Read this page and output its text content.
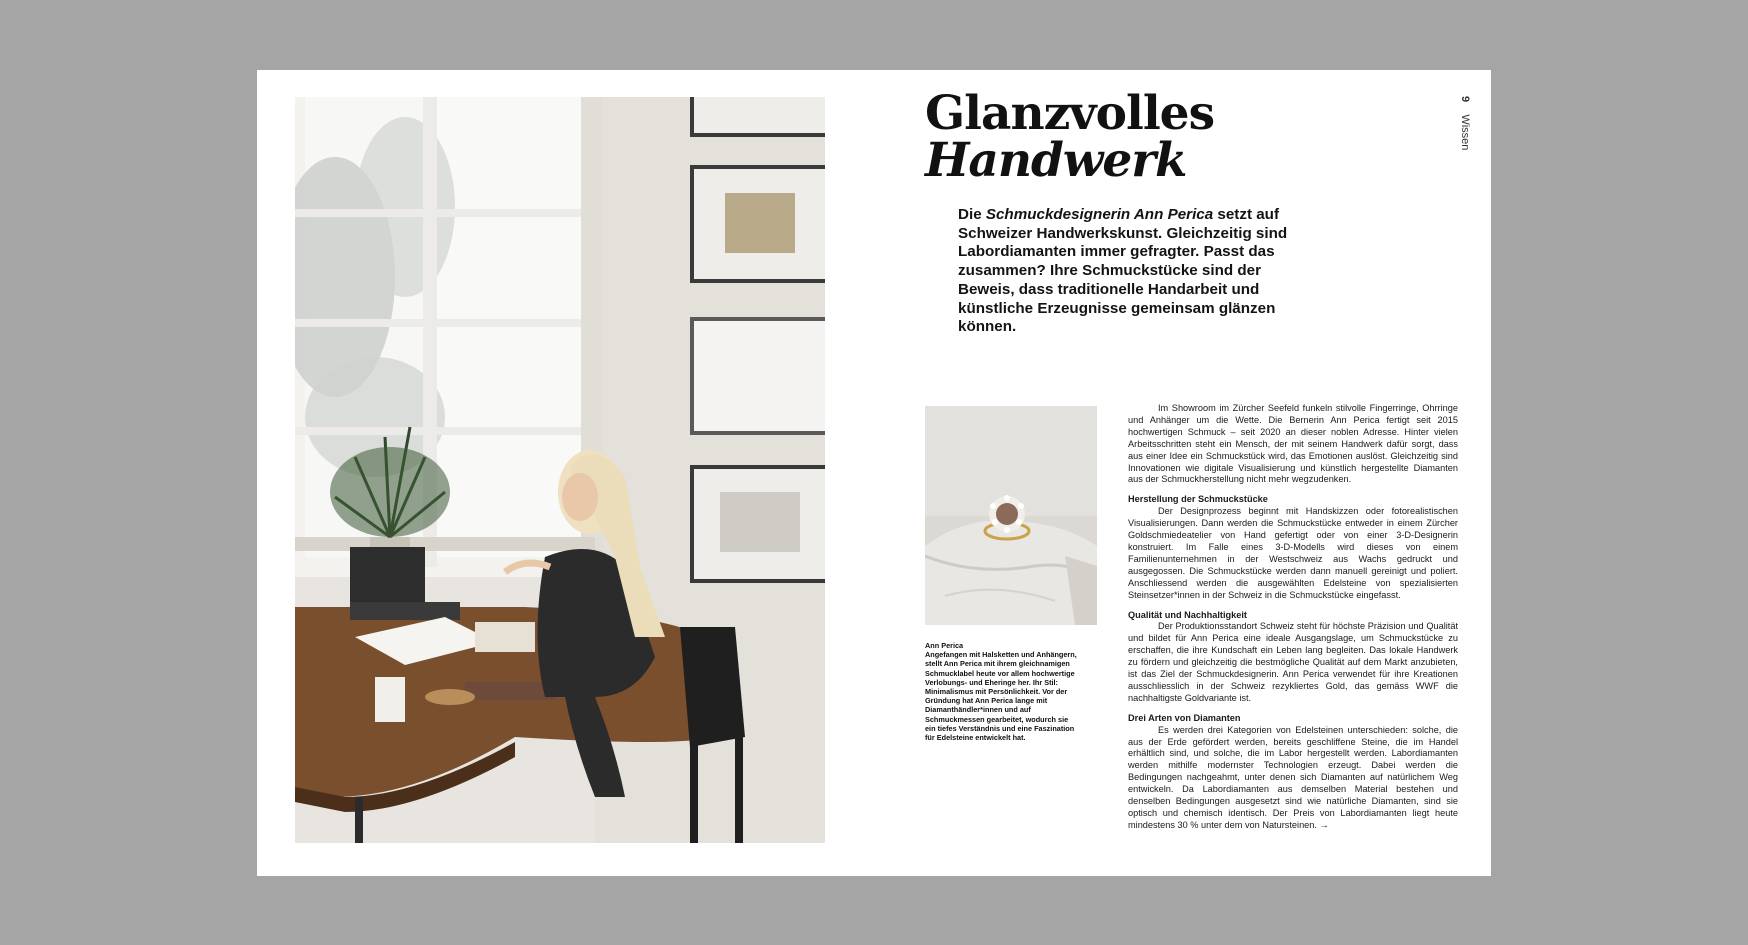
Glanzvolles

Handwerk
9    Wissen

Die Schmuckdesignerin Ann Perica setzt auf Schweizer Handwerkskunst. Gleichzeitig sind Labordiamanten immer gefragter. Passt das zusammen? Ihre Schmuckstücke sind der Beweis, dass traditionelle Handarbeit und künstliche Erzeugnisse gemeinsam glänzen können.

Ann Perica
Angefangen mit Halsketten und Anhängern, stellt Ann Perica mit ihrem gleichnamigen Schmucklabel heute vor allem hochwertige Verlobungs- und Eheringe her. Ihr Stil: Minimalismus mit Persönlichkeit. Vor der Gründung hat Ann Perica lange mit Diamanthändler*innen und auf Schmuckmessen gearbeitet, wodurch sie ein tiefes Verständnis und eine Faszination für Edelsteine entwickelt hat.

Im Showroom im Zürcher Seefeld funkeln stilvolle Fingerringe, Ohrringe und Anhänger um die Wette. Die Bernerin Ann Perica fertigt seit 2015 hochwertigen Schmuck – seit 2020 an dieser noblen Adresse. Hinter vielen Arbeitsschritten steht ein Mensch, der mit seinem Handwerk dafür sorgt, dass aus einer Idee ein Schmuckstück wird, das Emotionen auslöst. Gleichzeitig sind Innovationen wie digitale Visualisierung und künstlich hergestellte Diamanten aus der Schmuckherstellung nicht mehr wegzudenken.

Herstellung der Schmuckstücke

Der Designprozess beginnt mit Handskizzen oder fotorealistischen Visualisierungen. Dann werden die Schmuckstücke entweder in einem Zürcher Goldschmiedeatelier von Hand gefertigt oder von einer 3-D-Designerin konstruiert. Im Falle eines 3-D-Modells wird dieses von einem Familienunternehmen in der Westschweiz aus Wachs gedruckt und ausgegossen. Die Schmuckstücke werden dann manuell gereinigt und poliert. Anschliessend werden die ausgewählten Edelsteine von spezialisierten Steinsetzer*innen in der Schweiz in die Schmuckstücke eingefasst.

Qualität und Nachhaltigkeit

Der Produktionsstandort Schweiz steht für höchste Präzision und Qualität und bildet für Ann Perica eine ideale Ausgangslage, um Schmuckstücke zu erschaffen, die ihre Kundschaft ein Leben lang begleiten. Das lokale Handwerk zu fördern und gleichzeitig die bestmögliche Qualität auf dem Markt anzubieten, ist das Ziel der Schmuckdesignerin. Ann Perica verwendet für ihre Kreationen ausschliesslich in der Schweiz rezykliertes Gold, das gemäss WWF die nachhaltigste Goldvariante ist.

Drei Arten von Diamanten

Es werden drei Kategorien von Edelsteinen unterschieden: solche, die aus der Erde gefördert werden, bereits geschliffene Steine, die im Handel erhältlich sind, und solche, die im Labor hergestellt werden. Labordiamanten werden mithilfe modernster Technologien erzeugt. Dabei werden die Bedingungen nachgeahmt, unter denen sich Diamanten auf natürlichem Weg entwickeln. Da Labordiamanten aus demselben Material bestehen und denselben Bedingungen ausgesetzt sind wie natürliche Diamanten, sind sie optisch und chemisch identisch. Der Preis von Labordiamanten liegt heute mindestens 30 % unter dem von Natursteinen. →
